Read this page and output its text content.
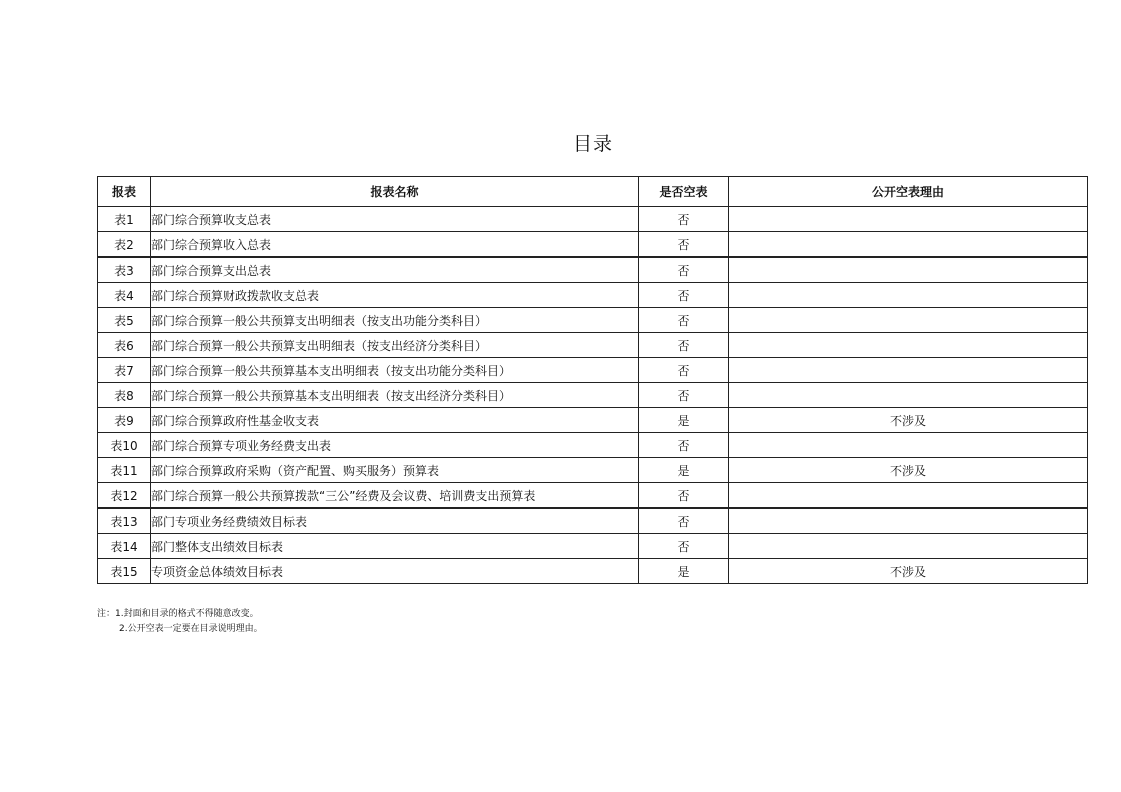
目录
报表	报表名称	是否空表	公开空表理由
表1	部门综合预算收支总表	否	
表2	部门综合预算收入总表	否	
表3	部门综合预算支出总表	否	
表4	部门综合预算财政拨款收支总表	否	
表5	部门综合预算一般公共预算支出明细表（按支出功能分类科目）	否	
表6	部门综合预算一般公共预算支出明细表（按支出经济分类科目）	否	
表7	部门综合预算一般公共预算基本支出明细表（按支出功能分类科目）	否	
表8	部门综合预算一般公共预算基本支出明细表（按支出经济分类科目）	否	
表9	部门综合预算政府性基金收支表	是	不涉及
表10	部门综合预算专项业务经费支出表	否	
表11	部门综合预算政府采购（资产配置、购买服务）预算表	是	不涉及
表12	部门综合预算一般公共预算拨款“三公”经费及会议费、培训费支出预算表	否	
表13	部门专项业务经费绩效目标表	否	
表14	部门整体支出绩效目标表	否	
表15	专项资金总体绩效目标表	是	不涉及
注：1.封面和目录的格式不得随意改变。
2.公开空表一定要在目录说明理由。
